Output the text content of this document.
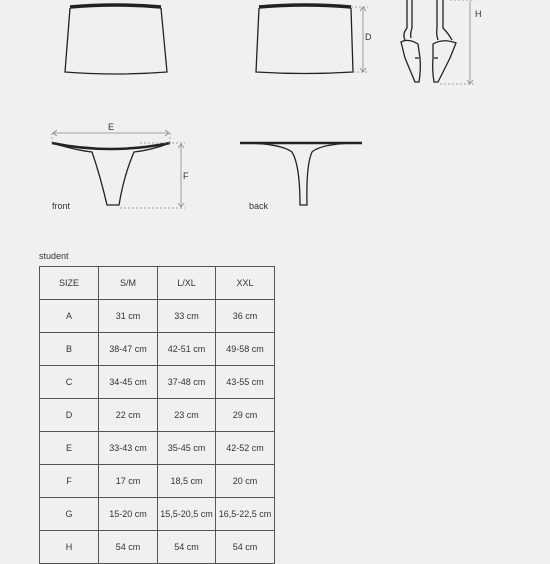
D
H
E
F
front	back
student
SIZE	S/M	L/XL	XXL
A	31 cm	33 cm	36 cm
B	38-47 cm	42-51 cm	49-58 cm
C	34-45 cm	37-48 cm	43-55 cm
D	22 cm	23 cm	29 cm
E	33-43 cm	35-45 cm	42-52 cm
F	17 cm	18,5 cm	20 cm
G	15-20 cm	15,5-20,5 cm	16,5-22,5 cm
H	54 cm	54 cm	54 cm
